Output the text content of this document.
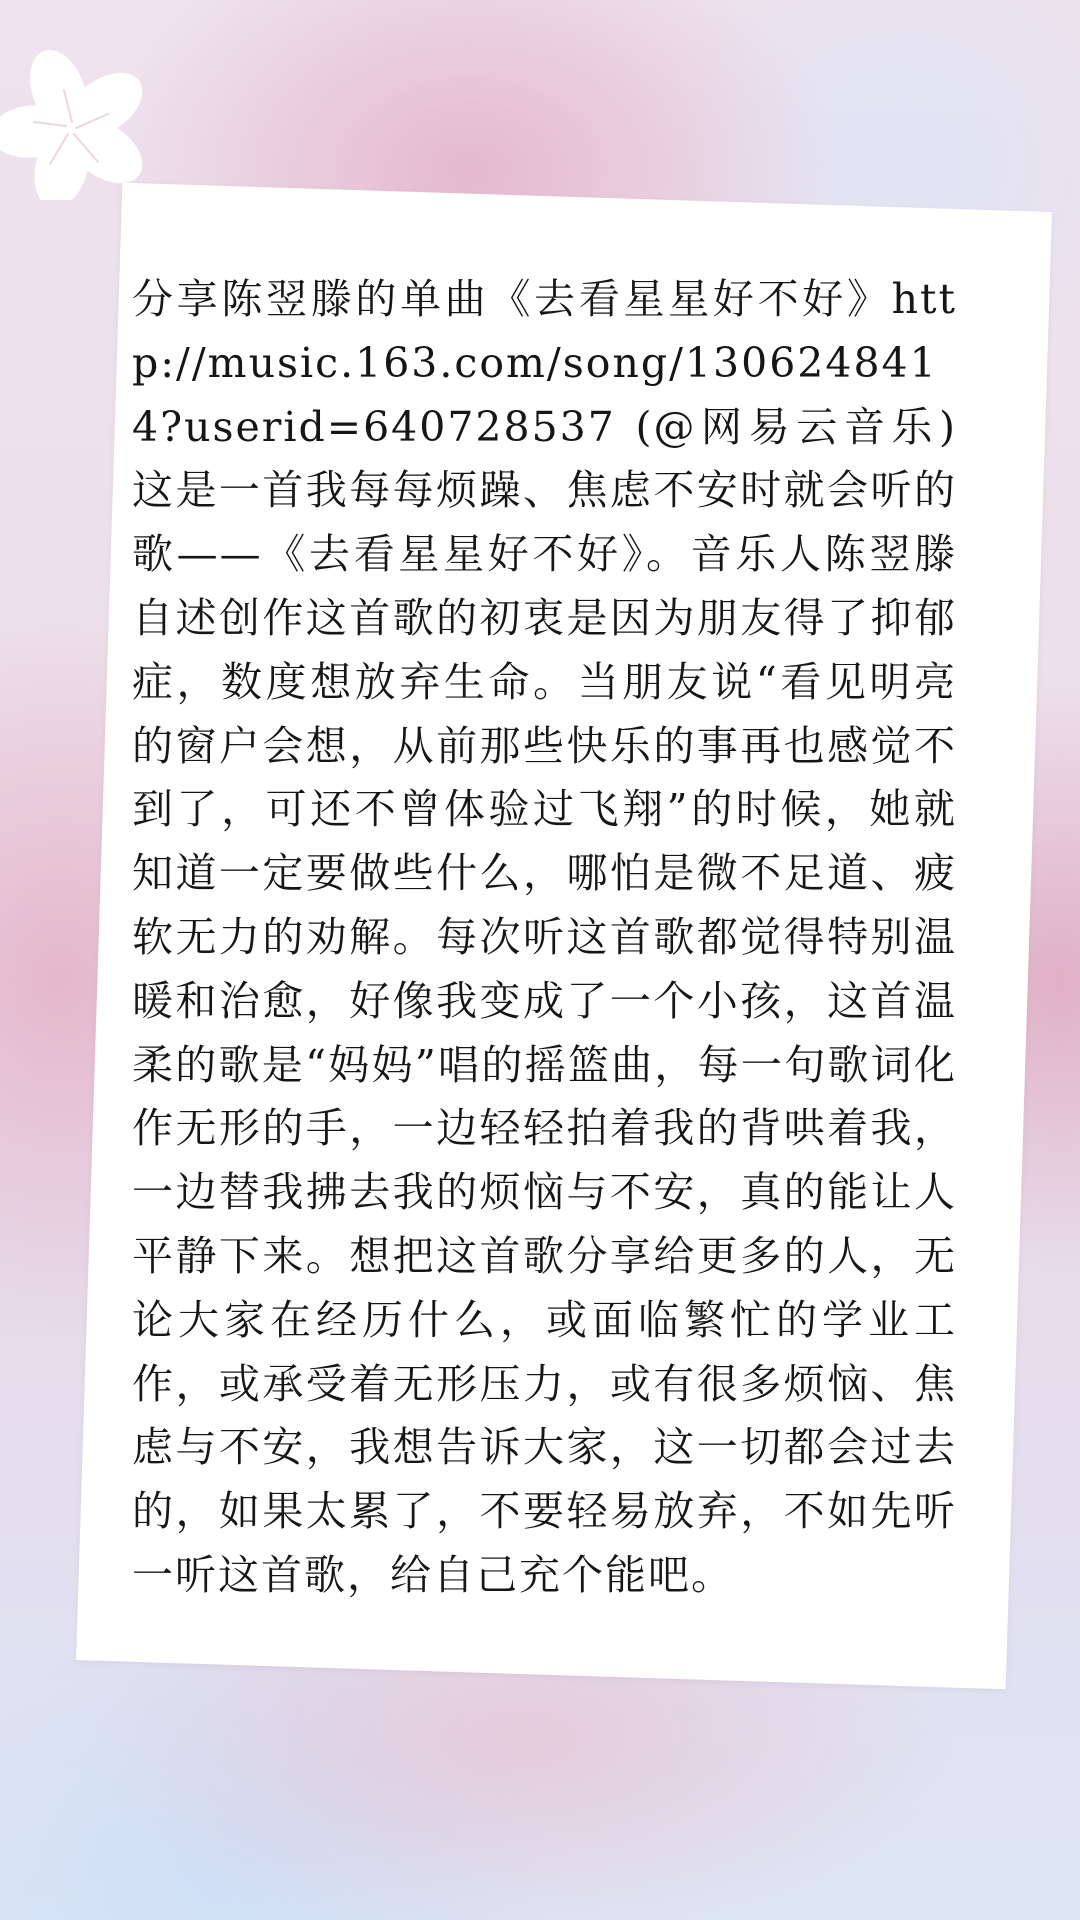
分享陈翌滕的单曲《去看星星好不好》http://music.163.com/song/1306248414?userid=640728537 (@网易云音乐)这是一首我每每烦躁、焦虑不安时就会听的歌——《去看星星好不好》。音乐人陈翌滕自述创作这首歌的初衷是因为朋友得了抑郁症，数度想放弃生命。当朋友说“看见明亮的窗户会想，从前那些快乐的事再也感觉不到了，可还不曾体验过飞翔”的时候，她就知道一定要做些什么，哪怕是微不足道、疲软无力的劝解。每次听这首歌都觉得特别温暖和治愈，好像我变成了一个小孩，这首温柔的歌是“妈妈”唱的摇篮曲，每一句歌词化作无形的手，一边轻轻拍着我的背哄着我，一边替我拂去我的烦恼与不安，真的能让人平静下来。想把这首歌分享给更多的人，无论大家在经历什么，或面临繁忙的学业工作，或承受着无形压力，或有很多烦恼、焦虑与不安，我想告诉大家，这一切都会过去的，如果太累了，不要轻易放弃，不如先听一听这首歌，给自己充个能吧。
